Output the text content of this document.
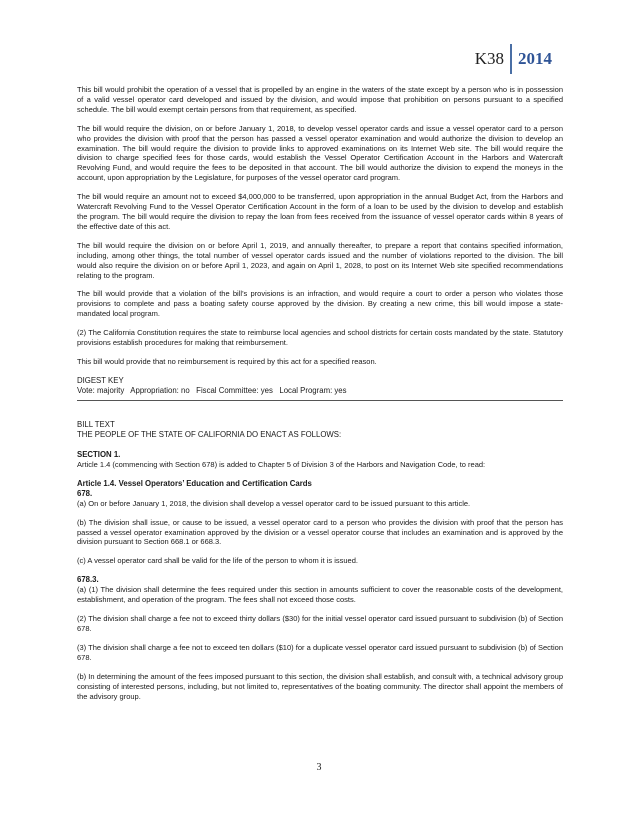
K38 2014

This bill would prohibit the operation of a vessel that is propelled by an engine in the waters of the state except by a person who is in possession of a valid vessel operator card developed and issued by the division, and would impose that prohibition on persons pursuant to a specified schedule. The bill would exempt certain persons from that requirement, as specified.

The bill would require the division, on or before January 1, 2018, to develop vessel operator cards and issue a vessel operator card to a person who provides the division with proof that the person has passed a vessel operator examination and would authorize the division to develop an examination. The bill would require the division to provide links to approved examinations on its Internet Web site. The bill would require the division to charge specified fees for those cards, would establish the Vessel Operator Certification Account in the Harbors and Watercraft Revolving Fund, and would require the fees to be deposited in that account. The bill would authorize the division to expend the moneys in the account, upon appropriation by the Legislature, for purposes of the vessel operator card program.

The bill would require an amount not to exceed $4,000,000 to be transferred, upon appropriation in the annual Budget Act, from the Harbors and Watercraft Revolving Fund to the Vessel Operator Certification Account in the form of a loan to be used by the division to develop and establish the program. The bill would require the division to repay the loan from fees received from the issuance of vessel operator cards within 8 years of the effective date of this act.

The bill would require the division on or before April 1, 2019, and annually thereafter, to prepare a report that contains specified information, including, among other things, the total number of vessel operator cards issued and the number of violations reported to the division. The bill would also require the division on or before April 1, 2023, and again on April 1, 2028, to post on its Internet Web site specified recommendations relating to the program.

The bill would provide that a violation of the bill’s provisions is an infraction, and would require a court to order a person who violates those provisions to complete and pass a boating safety course approved by the division. By creating a new crime, this bill would impose a state-mandated local program.

(2) The California Constitution requires the state to reimburse local agencies and school districts for certain costs mandated by the state. Statutory provisions establish procedures for making that reimbursement.

This bill would provide that no reimbursement is required by this act for a specified reason.

DIGEST KEY
Vote: majority   Appropriation: no   Fiscal Committee: yes   Local Program: yes
BILL TEXT
THE PEOPLE OF THE STATE OF CALIFORNIA DO ENACT AS FOLLOWS:
SECTION 1.

Article 1.4 (commencing with Section 678) is added to Chapter 5 of Division 3 of the Harbors and Navigation Code, to read:

Article 1.4. Vessel Operators’ Education and Certification Cards
678.

(a) On or before January 1, 2018, the division shall develop a vessel operator card to be issued pursuant to this article.

(b) The division shall issue, or cause to be issued, a vessel operator card to a person who provides the division with proof that the person has passed a vessel operator examination approved by the division or a vessel operator course that includes an examination and is approved by the division pursuant to Section 668.1 or 668.3.

(c) A vessel operator card shall be valid for the life of the person to whom it is issued.

678.3.

(a) (1) The division shall determine the fees required under this section in amounts sufficient to cover the reasonable costs of the development, establishment, and operation of the program. The fees shall not exceed those costs.

(2) The division shall charge a fee not to exceed thirty dollars ($30) for the initial vessel operator card issued pursuant to subdivision (b) of Section 678.

(3) The division shall charge a fee not to exceed ten dollars ($10) for a duplicate vessel operator card issued pursuant to subdivision (b) of Section 678.

(b) In determining the amount of the fees imposed pursuant to this section, the division shall establish, and consult with, a technical advisory group consisting of interested persons, including, but not limited to, representatives of the boating community. The director shall appoint the members of the advisory group.

3
